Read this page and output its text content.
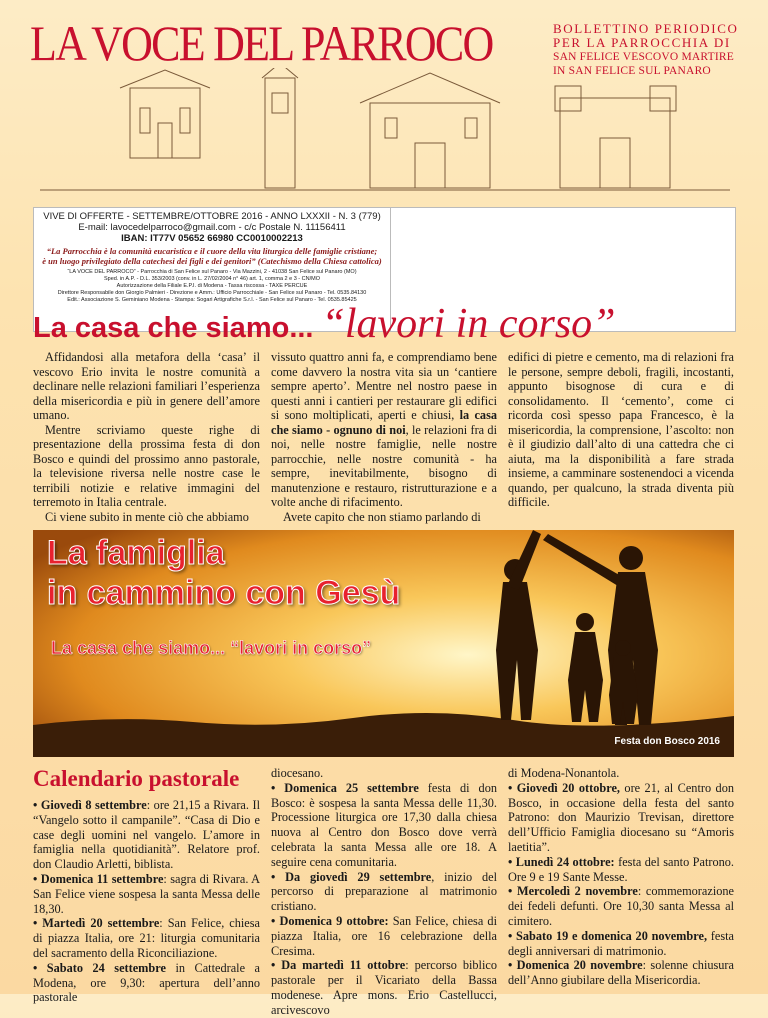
LA VOCE DEL PARROCO	BOLLETTINO PERIODICO
PER LA PARROCCHIA DI
SAN FELICE VESCOVO MARTIRE
IN SAN FELICE SUL PANARO
VIVE DI OFFERTE - SETTEMBRE/OTTOBRE 2016 - ANNO LXXXII - N. 3 (779)
E-mail: lavocedelparroco@gmail.com - c/c Postale N. 11156411
IBAN: IT77V 05652 66980 CC0010002213
“La Parrocchia è la comunità eucaristica e il cuore della vita liturgica delle famiglie cristiane;
è un luogo privilegiato della catechesi dei figli e dei genitori” (Catechismo della Chiesa cattolica)
“LA VOCE DEL PARROCO” - Parrocchia di San Felice sul Panaro - Via Mazzini, 2 - 41038 San Felice sul Panaro (MO)
Sped. in A.P. - D.L. 353/2003 (conv. in L. 27/02/2004 n° 46) art. 1, comma 2 e 3 - CN/MO
Autorizzazione della Filiale E.P.I. di Modena - Tassa riscossa - TAXE PERCUE
Direttore Responsabile don Giorgio Palmieri - Direzione e Amm.: Ufficio Parrocchiale - San Felice sul Panaro - Tel. 0535.84130
Edit.: Associazione S. Geminiano Modena - Stampa: Sogari Artigrafiche S.r.l. - San Felice sul Panaro - Tel. 0535.85425
La casa che siamo... “lavori in corso”

Affidandosi alla metafora della ‘casa’ il vescovo Erio invita le nostre comunità a declinare nelle relazioni familiari l’esperienza della misericordia e più in genere dell’amore umano.

Mentre scriviamo queste righe di presentazione della prossima festa di don Bosco e quindi del prossimo anno pastorale, la televisione riversa nelle nostre case le terribili notizie e relative immagini del terremoto in Italia centrale.

Ci viene subito in mente ciò che abbiamo

vissuto quattro anni fa, e comprendiamo bene come davvero la nostra vita sia un ‘cantiere sempre aperto’. Mentre nel nostro paese in questi anni i cantieri per restaurare gli edifici si sono moltiplicati, aperti e chiusi, la casa che siamo - ognuno di noi, le relazioni fra di noi, nelle nostre famiglie, nelle nostre parrocchie, nelle nostre comunità - ha sempre, inevitabilmente, bisogno di manutenzione e restauro, ristrutturazione e a volte anche di rifacimento.

Avete capito che non stiamo parlando di

edifici di pietre e cemento, ma di relazioni fra le persone, sempre deboli, fragili, incostanti, appunto bisognose di cura e di consolidamento. Il ‘cemento’, come ci ricorda così spesso papa Francesco, è la misericordia, la comprensione, l’ascolto: non è il giudizio dall’alto di una cattedra che ci aiuta, ma la disponibilità a fare strada insieme, a camminare sostenendoci a vicenda quando, per qualcuno, la strada diventa più difficile.

La famiglia
in cammino con Gesù
La casa che siamo... “lavori in corso”
Festa don Bosco 2016
Calendario pastorale

• Giovedì 8 settembre: ore 21,15 a Rivara. Il “Vangelo sotto il campanile”. “Casa di Dio e case degli uomini nel vangelo. L’amore in famiglia nella quotidianità”. Relatore prof. don Claudio Arletti, biblista.

• Domenica 11 settembre: sagra di Rivara. A San Felice viene sospesa la santa Messa delle 18,30.

• Martedì 20 settembre: San Felice, chiesa di piazza Italia, ore 21: liturgia comunitaria del sacramento della Riconciliazione.

• Sabato 24 settembre in Cattedrale a Modena, ore 9,30: apertura dell’anno pastorale

diocesano.

• Domenica 25 settembre festa di don Bosco: è sospesa la santa Messa delle 11,30. Processione liturgica ore 17,30 dalla chiesa nuova al Centro don Bosco dove verrà celebrata la santa Messa alle ore 18. A seguire cena comunitaria.

• Da giovedì 29 settembre, inizio del percorso di preparazione al matrimonio cristiano.

• Domenica 9 ottobre: San Felice, chiesa di piazza Italia, ore 16 celebrazione della Cresima.

• Da martedì 11 ottobre: percorso biblico pastorale per il Vicariato della Bassa modenese. Apre mons. Erio Castellucci, arcivescovo

di Modena-Nonantola.

• Giovedì 20 ottobre, ore 21, al Centro don Bosco, in occasione della festa del santo Patrono: don Maurizio Trevisan, direttore dell’Ufficio Famiglia diocesano su “Amoris laetitia”.

• Lunedì 24 ottobre: festa del santo Patrono. Ore 9 e 19 Sante Messe.

• Mercoledì 2 novembre: commemorazione dei fedeli defunti. Ore 10,30 santa Messa al cimitero.

• Sabato 19 e domenica 20 novembre, festa degli anniversari di matrimonio.

• Domenica 20 novembre: solenne chiusura dell’Anno giubilare della Misericordia.
